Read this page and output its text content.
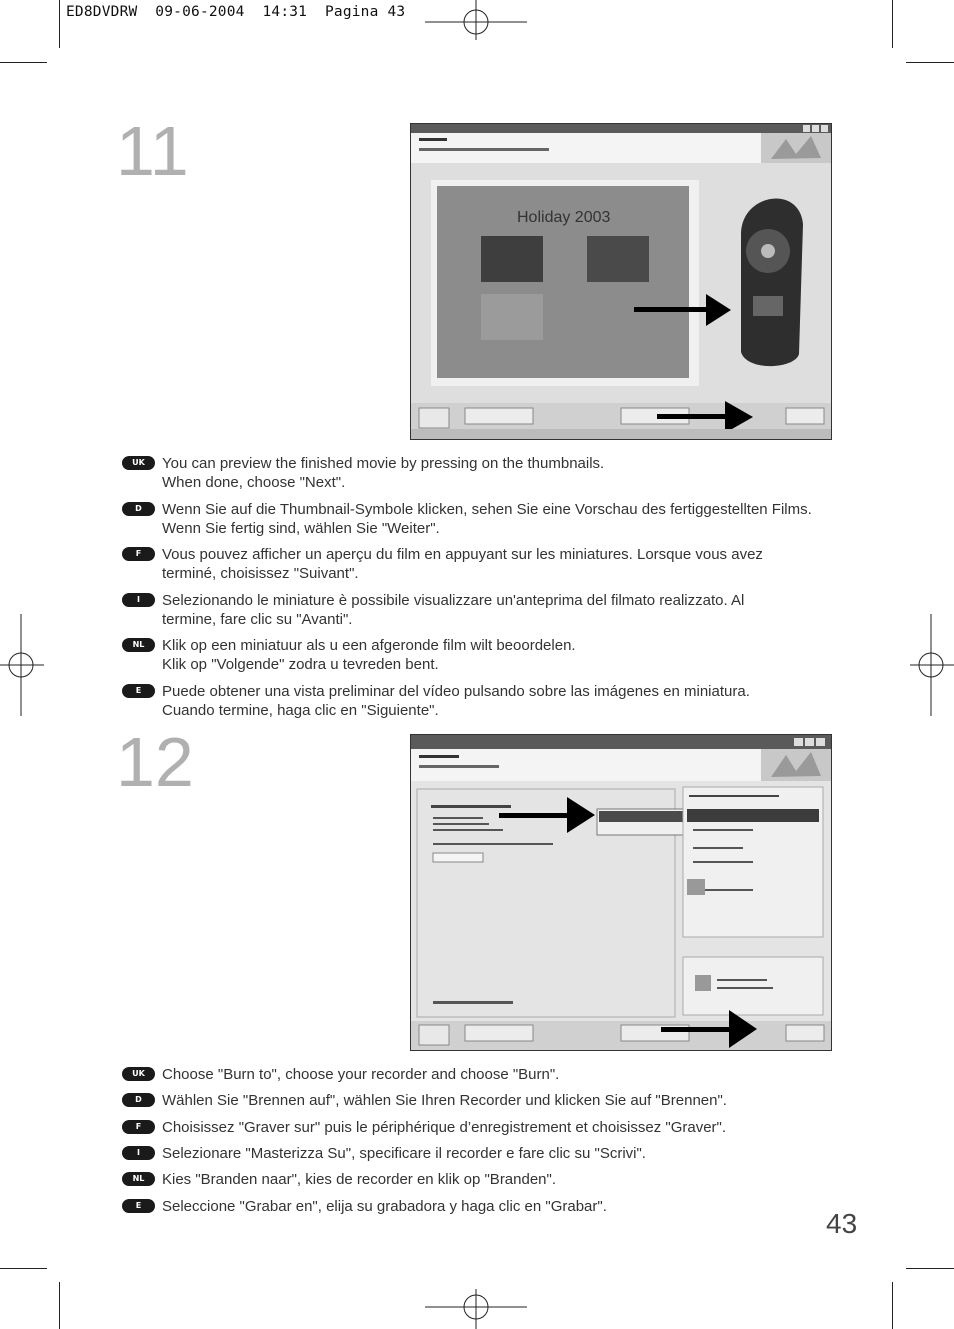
ED8DVDRW  09-06-2004  14:31  Pagina 43
11
Holiday 2003
UK	You can preview the finished movie by pressing on the thumbnails.
When done, choose "Next".
D	Wenn Sie auf die Thumbnail-Symbole klicken, sehen Sie eine Vorschau des fertiggestellten Films.
Wenn Sie fertig sind, wählen Sie "Weiter".
F	Vous pouvez afficher un aperçu du film en appuyant sur les miniatures. Lorsque vous avez
terminé, choisissez "Suivant".
I	Selezionando le miniature è possibile visualizzare un'anteprima del filmato realizzato. Al
termine, fare clic su "Avanti".
NL	Klik op een miniatuur als u een afgeronde film wilt beoordelen.
Klik op "Volgende" zodra u tevreden bent.
E	Puede obtener una vista preliminar del vídeo pulsando sobre las imágenes en miniatura.
Cuando termine, haga clic en "Siguiente".
12
UK	Choose "Burn to", choose your recorder and choose "Burn".
D	Wählen Sie "Brennen auf", wählen Sie Ihren Recorder und klicken Sie auf "Brennen".
F	Choisissez "Graver sur" puis le périphérique d’enregistrement et choisissez "Graver".
I	Selezionare "Masterizza Su", specificare il recorder e fare clic su "Scrivi".
NL	Kies "Branden naar", kies de recorder en klik op "Branden".
E	Seleccione "Grabar en", elija su grabadora y haga clic en "Grabar".
43
